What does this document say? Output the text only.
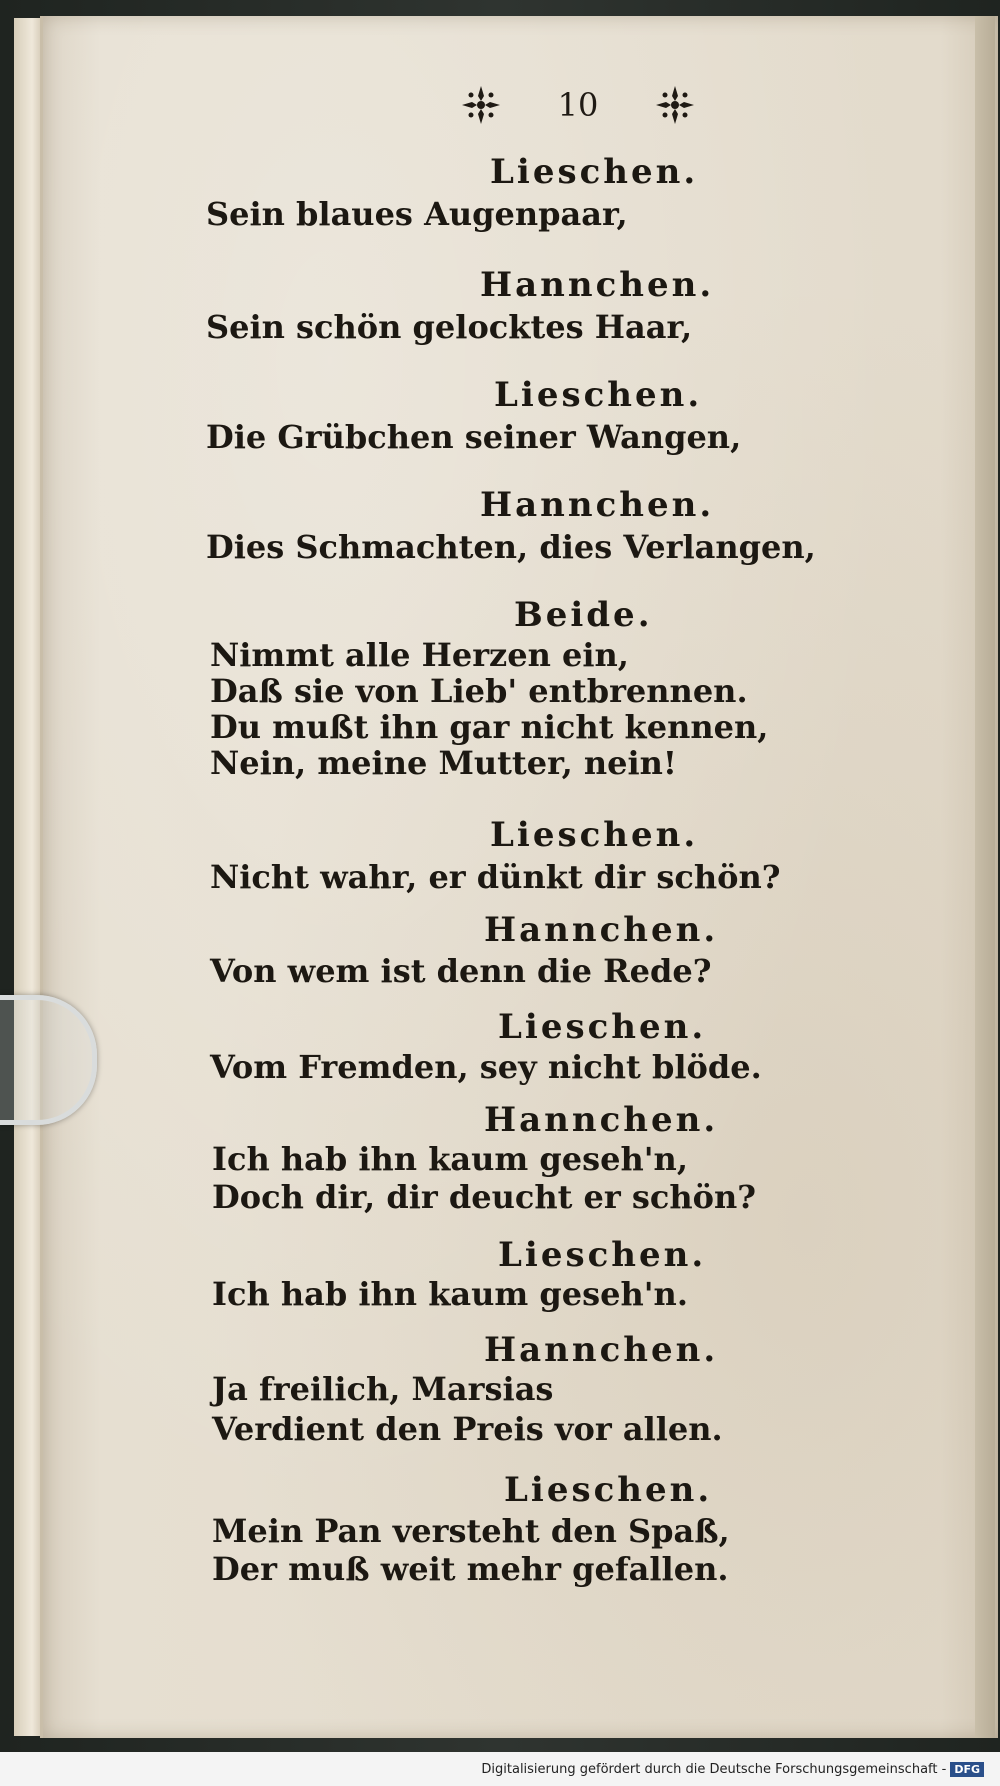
10
Lieschen.
Sein blaues Augenpaar,
Hannchen.
Sein schön gelocktes Haar,
Lieschen.
Die Grübchen seiner Wangen,
Hannchen.
Dies Schmachten, dies Verlangen,
Beide.
Nimmt alle Herzen ein,
Daß sie von Lieb' entbrennen.
Du mußt ihn gar nicht kennen,
Nein, meine Mutter, nein!
Lieschen.
Nicht wahr, er dünkt dir schön?
Hannchen.
Von wem ist denn die Rede?
Lieschen.
Vom Fremden, sey nicht blöde.
Hannchen.
Ich hab ihn kaum geseh'n,
Doch dir, dir deucht er schön?
Lieschen.
Ich hab ihn kaum geseh'n.
Hannchen.
Ja freilich, Marsias
Verdient den Preis vor allen.
Lieschen.
Mein Pan versteht den Spaß,
Der muß weit mehr gefallen.
Digitalisierung gefördert durch die Deutsche Forschungsgemeinschaft - DFG
